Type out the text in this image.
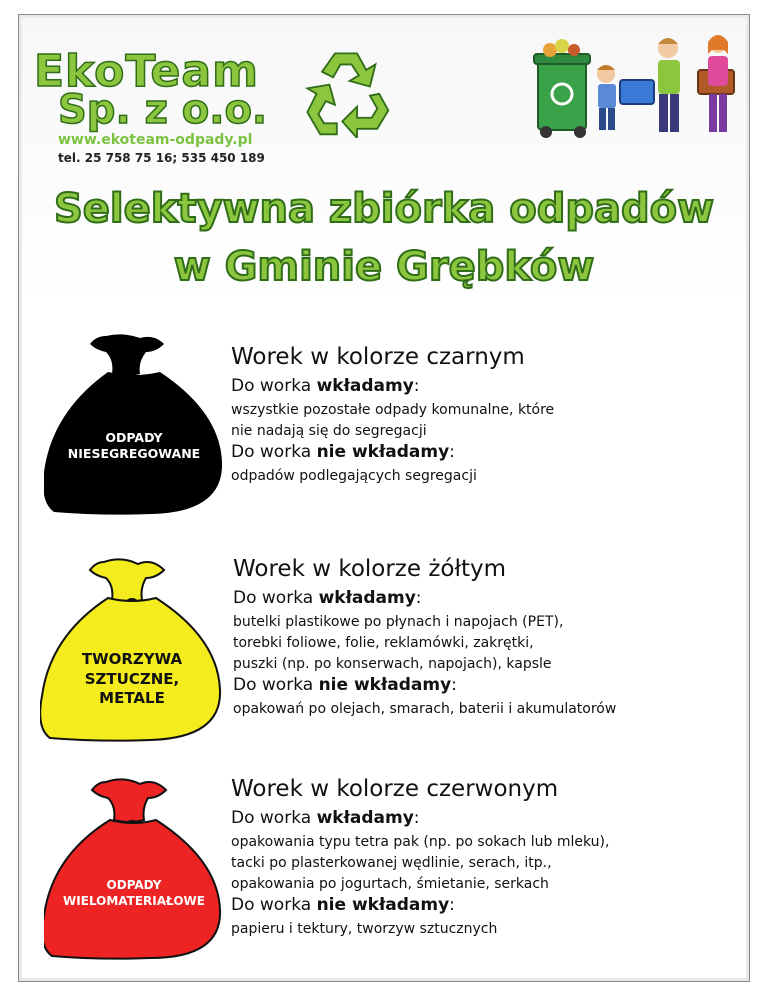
EkoTeam
Sp. z o.o.
www.ekoteam-odpady.pl
tel. 25 758 75 16; 535 450 189
Selektywna zbiórka odpadów
w Gminie Grębków
ODPADY
NIESEGREGOWANE
Worek w kolorze czarnym
Do worka wkładamy:
wszystkie pozostałe odpady komunalne, które
nie nadają się do segregacji
Do worka nie wkładamy:
odpadów podlegających segregacji
TWORZYWA
SZTUCZNE,
METALE
Worek w kolorze żółtym
Do worka wkładamy:
butelki plastikowe po płynach i napojach (PET),
torebki foliowe, folie, reklamówki, zakrętki,
puszki (np. po konserwach, napojach), kapsle
Do worka nie wkładamy:
opakowań po olejach, smarach, baterii i akumulatorów
ODPADY
WIELOMATERIAŁOWE
Worek w kolorze czerwonym
Do worka wkładamy:
opakowania typu tetra pak (np. po sokach lub mleku),
tacki po plasterkowanej wędlinie, serach, itp.,
opakowania po jogurtach, śmietanie, serkach
Do worka nie wkładamy:
papieru i tektury, tworzyw sztucznych
